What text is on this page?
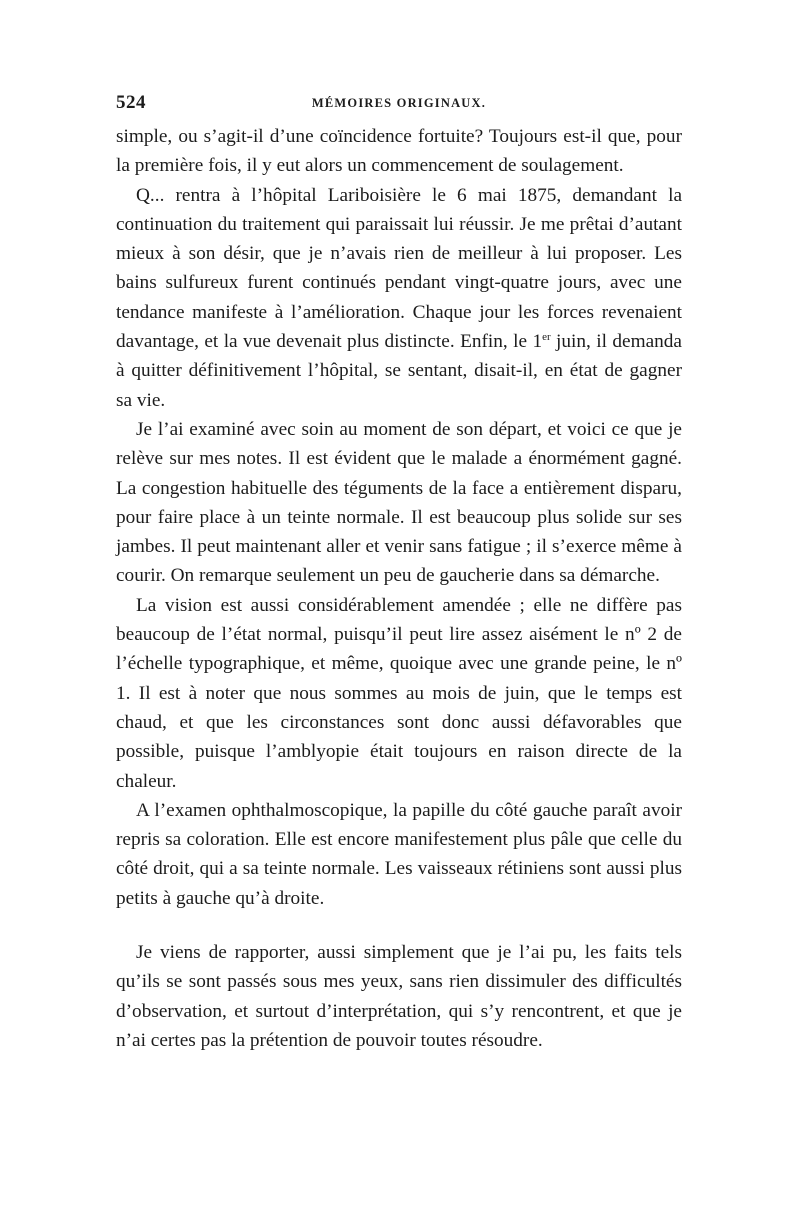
524	MÉMOIRES ORIGINAUX.

simple, ou s’agit-il d’une coïncidence fortuite? Toujours est-il que, pour la première fois, il y eut alors un commencement de soulagement.

Q... rentra à l’hôpital Lariboisière le 6 mai 1875, demandant la continuation du traitement qui paraissait lui réussir. Je me prêtai d’autant mieux à son désir, que je n’avais rien de meilleur à lui proposer. Les bains sulfureux furent continués pendant vingt-quatre jours, avec une tendance manifeste à l’amélioration. Chaque jour les forces revenaient davantage, et la vue devenait plus distincte. Enfin, le 1er juin, il demanda à quitter définitivement l’hôpital, se sentant, disait-il, en état de gagner sa vie.

Je l’ai examiné avec soin au moment de son départ, et voici ce que je relève sur mes notes. Il est évident que le malade a énormément gagné. La congestion habituelle des téguments de la face a entièrement disparu, pour faire place à un teinte normale. Il est beaucoup plus solide sur ses jambes. Il peut maintenant aller et venir sans fatigue ; il s’exerce même à courir. On remarque seulement un peu de gaucherie dans sa démarche.

La vision est aussi considérablement amendée ; elle ne diffère pas beaucoup de l’état normal, puisqu’il peut lire assez aisément le nº 2 de l’échelle typographique, et même, quoique avec une grande peine, le nº 1. Il est à noter que nous sommes au mois de juin, que le temps est chaud, et que les circonstances sont donc aussi défavorables que possible, puisque l’amblyopie était toujours en raison directe de la chaleur.

A l’examen ophthalmoscopique, la papille du côté gauche paraît avoir repris sa coloration. Elle est encore manifestement plus pâle que celle du côté droit, qui a sa teinte normale. Les vaisseaux rétiniens sont aussi plus petits à gauche qu’à droite.

Je viens de rapporter, aussi simplement que je l’ai pu, les faits tels qu’ils se sont passés sous mes yeux, sans rien dissimuler des difficultés d’observation, et surtout d’interprétation, qui s’y rencontrent, et que je n’ai certes pas la prétention de pouvoir toutes résoudre.
